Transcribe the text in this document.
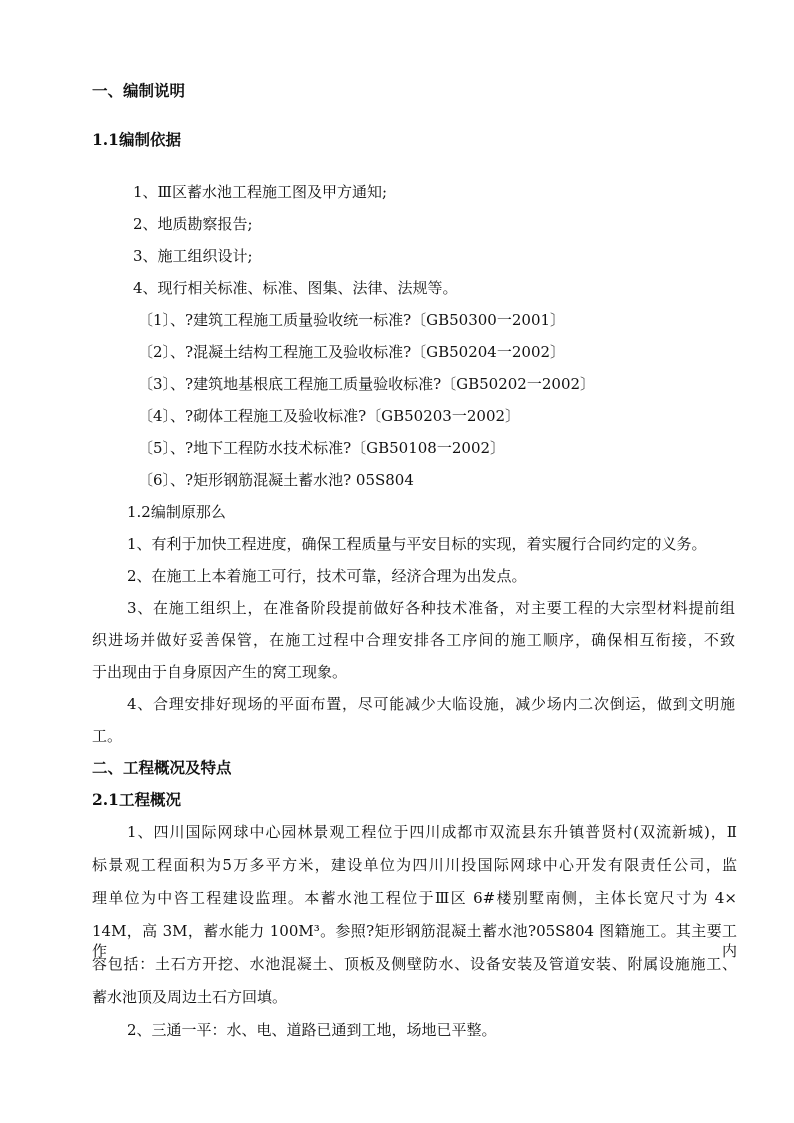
一、编制说明
1.1编制依据
1、Ⅲ区蓄水池工程施工图及甲方通知;
2、地质勘察报告;
3、施工组织设计;
4、现行相关标准、标准、图集、法律、法规等。
〔1〕、?建筑工程施工质量验收统一标准?〔GB50300一2001〕
〔2〕、?混凝土结构工程施工及验收标准?〔GB50204一2002〕
〔3〕、?建筑地基根底工程施工质量验收标准?〔GB50202一2002〕
〔4〕、?砌体工程施工及验收标准?〔GB50203一2002〕
〔5〕、?地下工程防水技术标准?〔GB50108一2002〕
〔6〕、?矩形钢筋混凝土蓄水池? 05S804
1.2编制原那么
1、有利于加快工程进度，确保工程质量与平安目标的实现，着实履行合同约定的义务。
2、在施工上本着施工可行，技术可靠，经济合理为出发点。
3、在施工组织上，在准备阶段提前做好各种技术准备，对主要工程的大宗型材料提前组
织进场并做好妥善保管，在施工过程中合理安排各工序间的施工顺序，确保相互衔接，不致
于出现由于自身原因产生的窝工现象。
4、合理安排好现场的平面布置，尽可能减少大临设施，减少场内二次倒运，做到文明施
工。
二、工程概况及特点
2.1工程概况
1、四川国际网球中心园林景观工程位于四川成都市双流县东升镇普贤村(双流新城)，Ⅱ
标景观工程面积为5万多平方米，建设单位为四川川投国际网球中心开发有限责任公司，监
理单位为中咨工程建设监理。本蓄水池工程位于Ⅲ区 6#楼别墅南侧，主体长宽尺寸为 4×
14M，高 3M，蓄水能力 100M³。参照?矩形钢筋混凝土蓄水池?05S804 图籍施工。其主要工作内
容包括：土石方开挖、水池混凝土、顶板及侧壁防水、设备安装及管道安装、附属设施施工、
蓄水池顶及周边土石方回填。
2、三通一平：水、电、道路已通到工地，场地已平整。
